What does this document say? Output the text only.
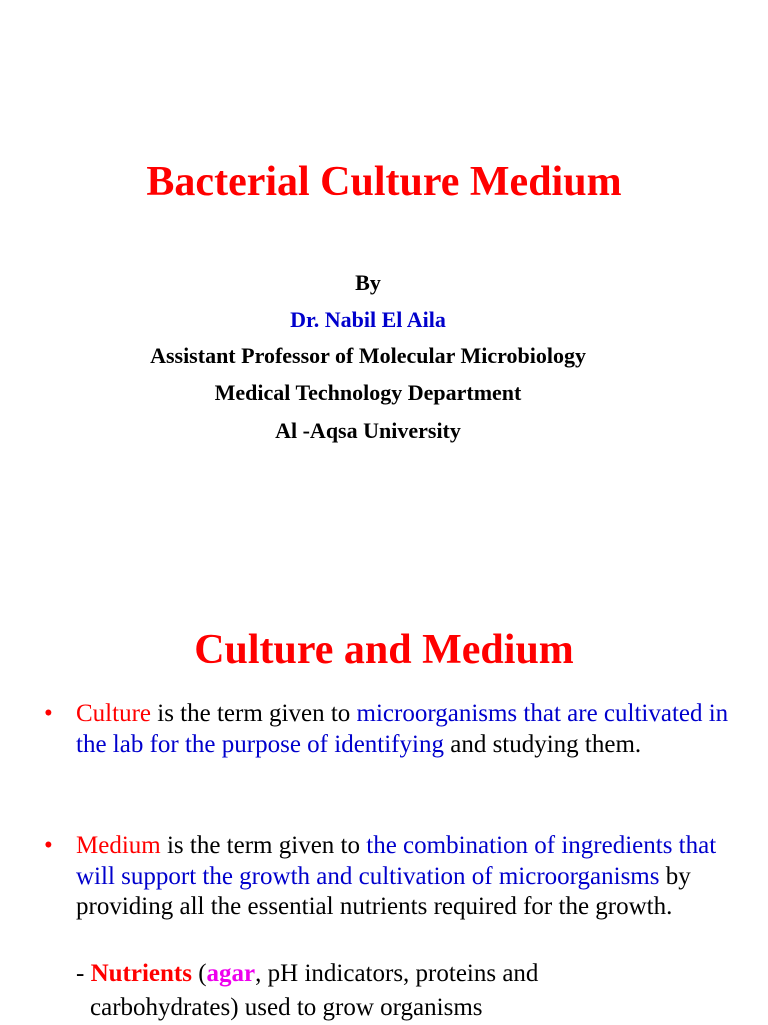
Bacterial Culture Medium
By
Dr. Nabil El Aila
Assistant Professor of Molecular Microbiology
Medical Technology Department
Al -Aqsa University
Culture and Medium
• Culture is the term given to microorganisms that are cultivated in the lab for the purpose of identifying and studying them.
• Medium is the term given to the combination of ingredients that will support the growth and cultivation of microorganisms by providing all the essential nutrients required for the growth.
- Nutrients (agar, pH indicators, proteins and
carbohydrates) used to grow organisms
